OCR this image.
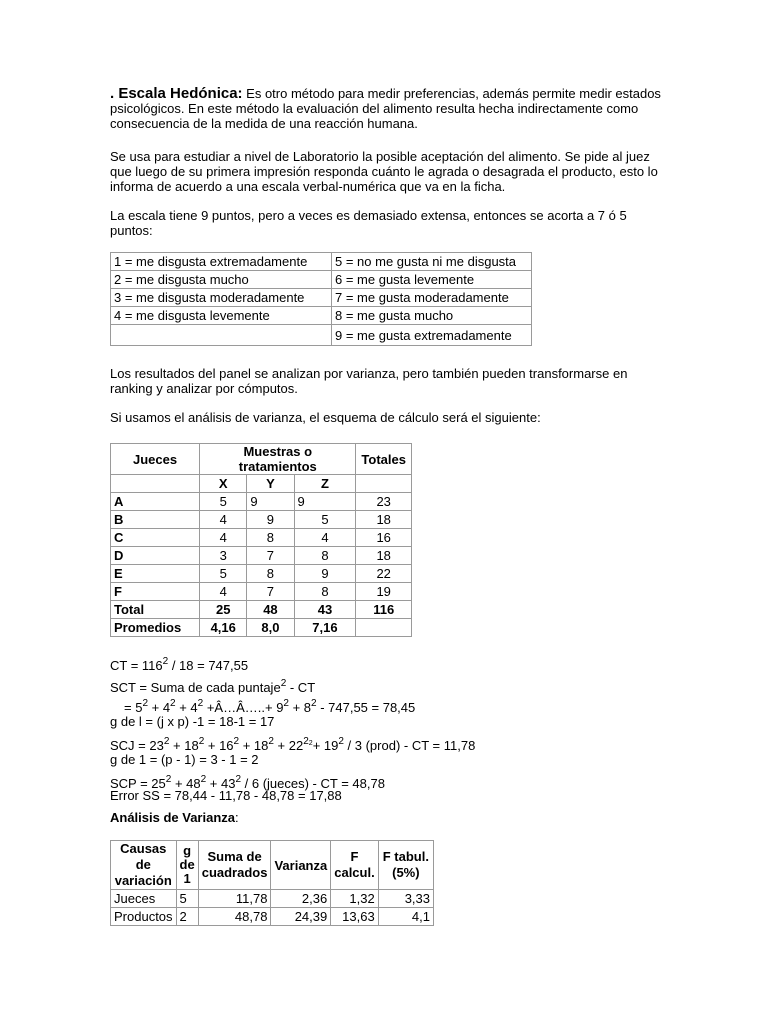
. Escala Hedónica: Es otro método para medir preferencias, además permite medir estados psicológicos. En este método la evaluación del alimento resulta hecha indirectamente como consecuencia de la medida de una reacción humana.

Se usa para estudiar a nivel de Laboratorio la posible aceptación del alimento. Se pide al juez que luego de su primera impresión responda cuánto le agrada o desagrada el producto, esto lo informa de acuerdo a una escala verbal-numérica que va en la ficha.

La escala tiene 9 puntos, pero a veces es demasiado extensa, entonces se acorta a 7 ó 5 puntos:

1 = me disgusta extremadamente	5 = no me gusta ni me disgusta
2 = me disgusta mucho	6 = me gusta levemente
3 = me disgusta moderadamente	7 = me gusta moderadamente
4 = me disgusta levemente	8 = me gusta mucho
	9 = me gusta extremadamente

Los resultados del panel se analizan por varianza, pero también pueden transformarse en ranking y analizar por cómputos.

Si usamos el análisis de varianza, el esquema de cálculo será el siguiente:

Jueces	Muestras o tratamientos			Totales
	X	Y	Z	
A	5	9	9	23
B	4	9	5	18
C	4	8	4	16
D	3	7	8	18
E	5	8	9	22
F	4	7	8	19
Total	25	48	43	116
Promedios	4,16	8,0	7,16	
CT = $116^2 / 18 = 747,55$
SCT = Suma de cada puntaje$^2$ - CT
= $5^2 + 4^2 + 4^2$ +Â…Â…..+ $9^2 + 8^2 - 747,55 = 78,45$
g de l = (j x p) -1 = 18-1 = 17
SCJ = $23^2 + 18^2 + 16^2 + 18^2 + 22^{22}+ 19^2 / 3$ (prod) - CT = 11,78
g de 1 = (p - 1) = 3 - 1 = 2
SCP = $25^2 + 48^2 + 43^2 / 6$ (jueces) - CT = 48,78
Error SS = 78,44 - 11,78 - 48,78 = 17,88

Análisis de Varianza:

Causas de variación	g de 1	Suma de cuadrados	Varianza	F calcul.	F tabul.(5%)
Jueces	5	11,78	2,36	1,32	3,33
Productos	2	48,78	24,39	13,63	4,1
